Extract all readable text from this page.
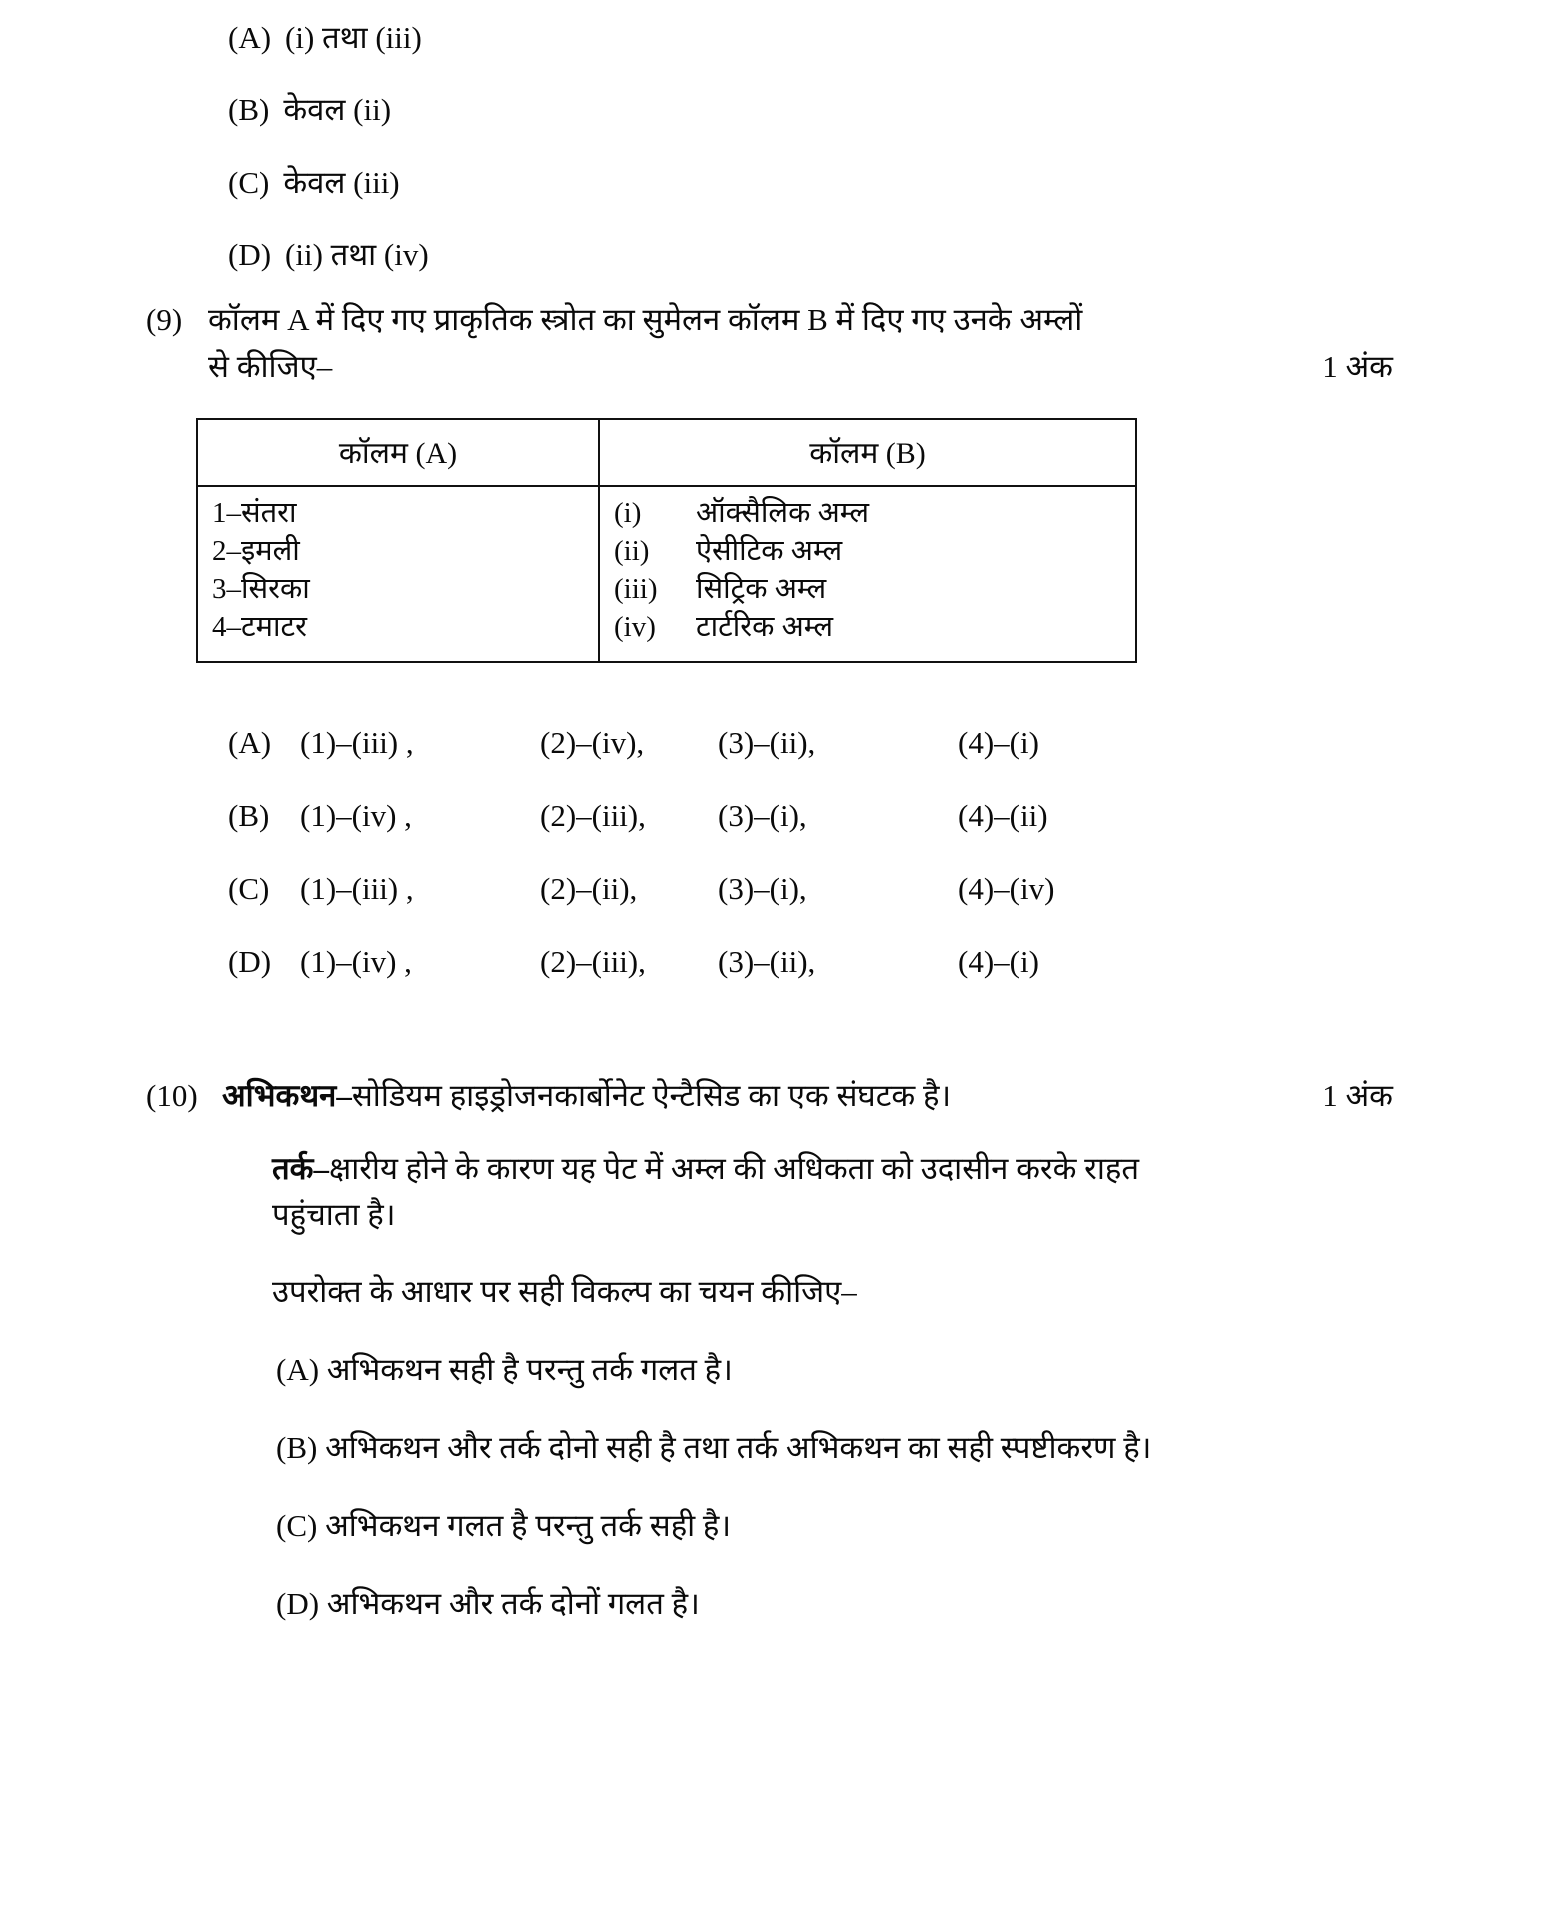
(A) (i) तथा (iii)
(B) केवल (ii)
(C) केवल (iii)
(D) (ii) तथा (iv)
(9) कॉलम A में दिए गए प्राकृतिक स्त्रोत का सुमेलन कॉलम B में दिए गए उनके अम्लों
से कीजिए–	1 अंक
कॉलम (A)	कॉलम (B)

1–संतरा
2–इमली
3–सिरका
4–टमाटर

(i)	ऑक्सैलिक अम्ल
(ii)	ऐसीटिक अम्ल
(iii)	सिट्रिक अम्ल
(iv)	टार्टरिक अम्ल
(A) (1)–(iii) ,	(2)–(iv),	(3)–(ii),	(4)–(i)
(B) (1)–(iv) ,	(2)–(iii),	(3)–(i),	(4)–(ii)
(C) (1)–(iii) ,	(2)–(ii),	(3)–(i),	(4)–(iv)
(D) (1)–(iv) ,	(2)–(iii),	(3)–(ii),	(4)–(i)
(10) अभिकथन–सोडियम हाइड्रोजनकार्बोनेट ऐन्टैसिड का एक संघटक है।	1 अंक
तर्क–क्षारीय होने के कारण यह पेट में अम्ल की अधिकता को उदासीन करके राहत
पहुंचाता है।
उपरोक्त के आधार पर सही विकल्प का चयन कीजिए–
(A) अभिकथन सही है परन्तु तर्क गलत है।
(B) अभिकथन और तर्क दोनो सही है तथा तर्क अभिकथन का सही स्पष्टीकरण है।
(C) अभिकथन गलत है परन्तु तर्क सही है।
(D) अभिकथन और तर्क दोनों गलत है।
